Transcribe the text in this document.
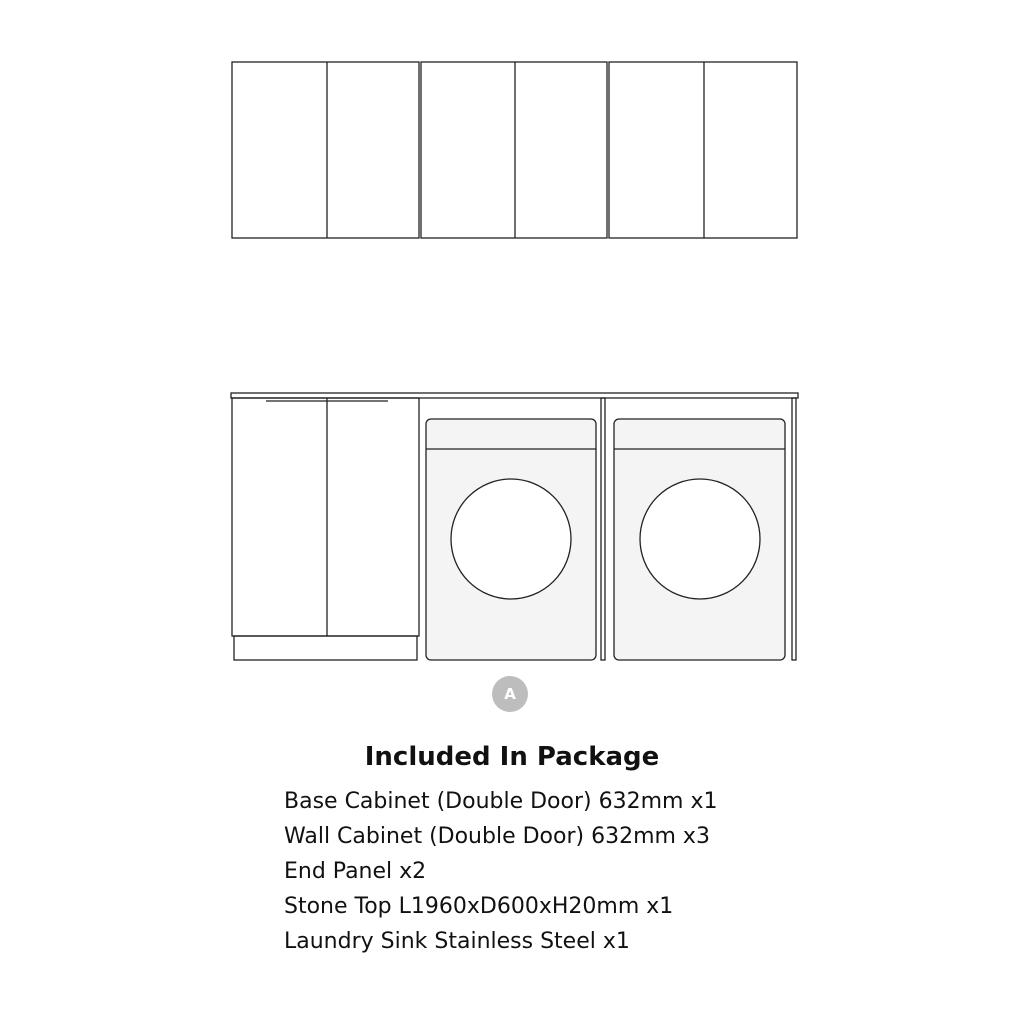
A
Included In Package
Base Cabinet (Double Door) 632mm x1
Wall Cabinet (Double Door) 632mm x3
End Panel x2
Stone Top L1960xD600xH20mm x1
Laundry Sink Stainless Steel x1
